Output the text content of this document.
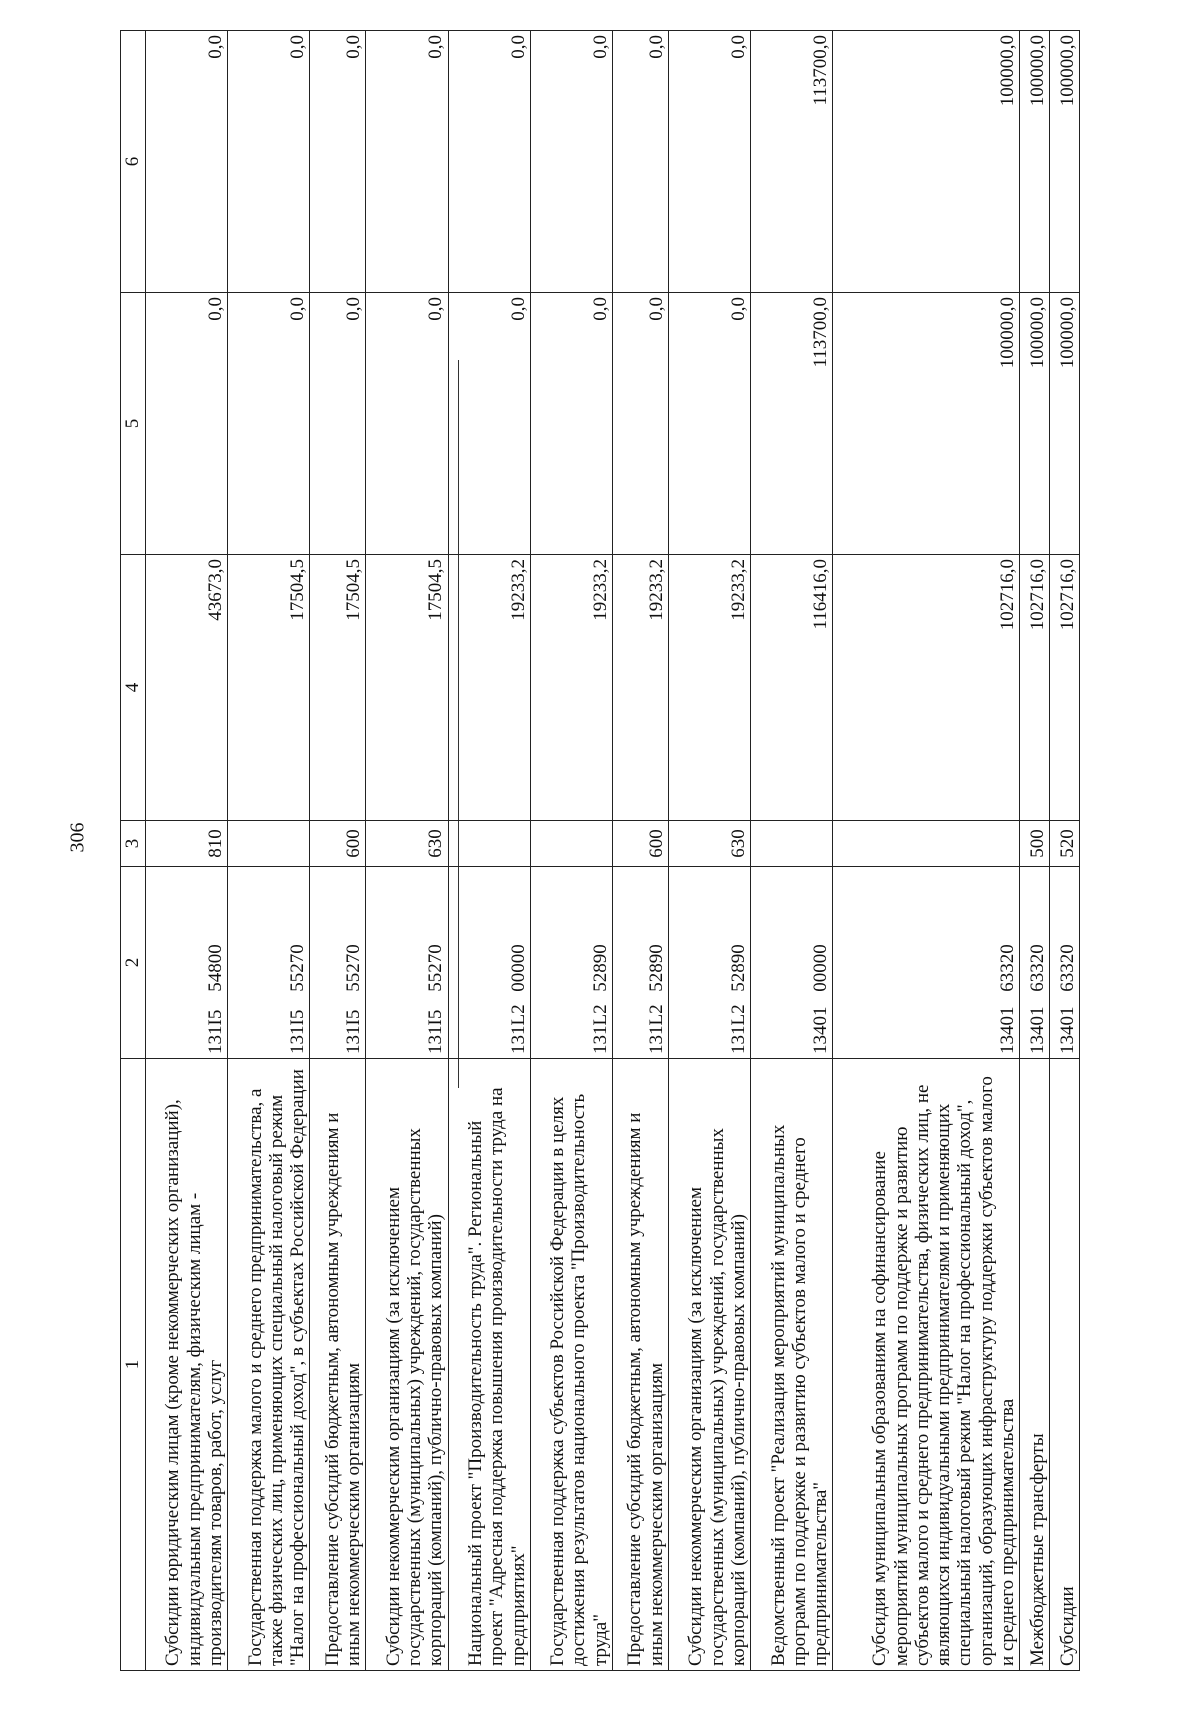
306
1	2	3	4	5	6
Субсидии юридическим лицам (кроме некоммерческих организаций), индивидуальным предпринимателям, физическим лицам - производителям товаров, работ, услуг	131I554800	810	43673,0	0,0	0,0
Государственная поддержка малого и среднего предпринимательства, а также физических лиц, применяющих специальный налоговый режим "Налог на профессиональный доход", в субъектах Российской Федерации	131I555270		17504,5	0,0	0,0
Предоставление субсидий бюджетным, автономным учреждениям и иным некоммерческим организациям	131I555270	600	17504,5	0,0	0,0
Субсидии некоммерческим организациям (за исключением государственных (муниципальных) учреждений, государственных корпораций (компаний), публично-правовых компаний)	131I555270	630	17504,5	0,0	0,0
Национальный проект "Производительность труда". Региональный проект "Адресная поддержка повышения производительности труда на предприятиях"	131L200000		19233,2	0,0	0,0
Государственная поддержка субъектов Российской Федерации в целях достижения результатов национального проекта "Производительность труда"	131L252890		19233,2	0,0	0,0
Предоставление субсидий бюджетным, автономным учреждениям и иным некоммерческим организациям	131L252890	600	19233,2	0,0	0,0
Субсидии некоммерческим организациям (за исключением государственных (муниципальных) учреждений, государственных корпораций (компаний), публично-правовых компаний)	131L252890	630	19233,2	0,0	0,0
Ведомственный проект "Реализация мероприятий муниципальных программ по поддержке и развитию субъектов малого и среднего предпринимательства"	1340100000		116416,0	113700,0	113700,0
Субсидия муниципальным образованиям на софинансирование мероприятий муниципальных программ по поддержке и развитию субъектов малого и среднего предпринимательства, физических лиц, не являющихся индивидуальными предпринимателями и применяющих специальный налоговый режим "Налог на профессиональный доход", организаций, образующих инфраструктуру поддержки субъектов малого и среднего предпринимательства	1340163320		102716,0	100000,0	100000,0
Межбюджетные трансферты	1340163320	500	102716,0	100000,0	100000,0
Субсидии	1340163320	520	102716,0	100000,0	100000,0
